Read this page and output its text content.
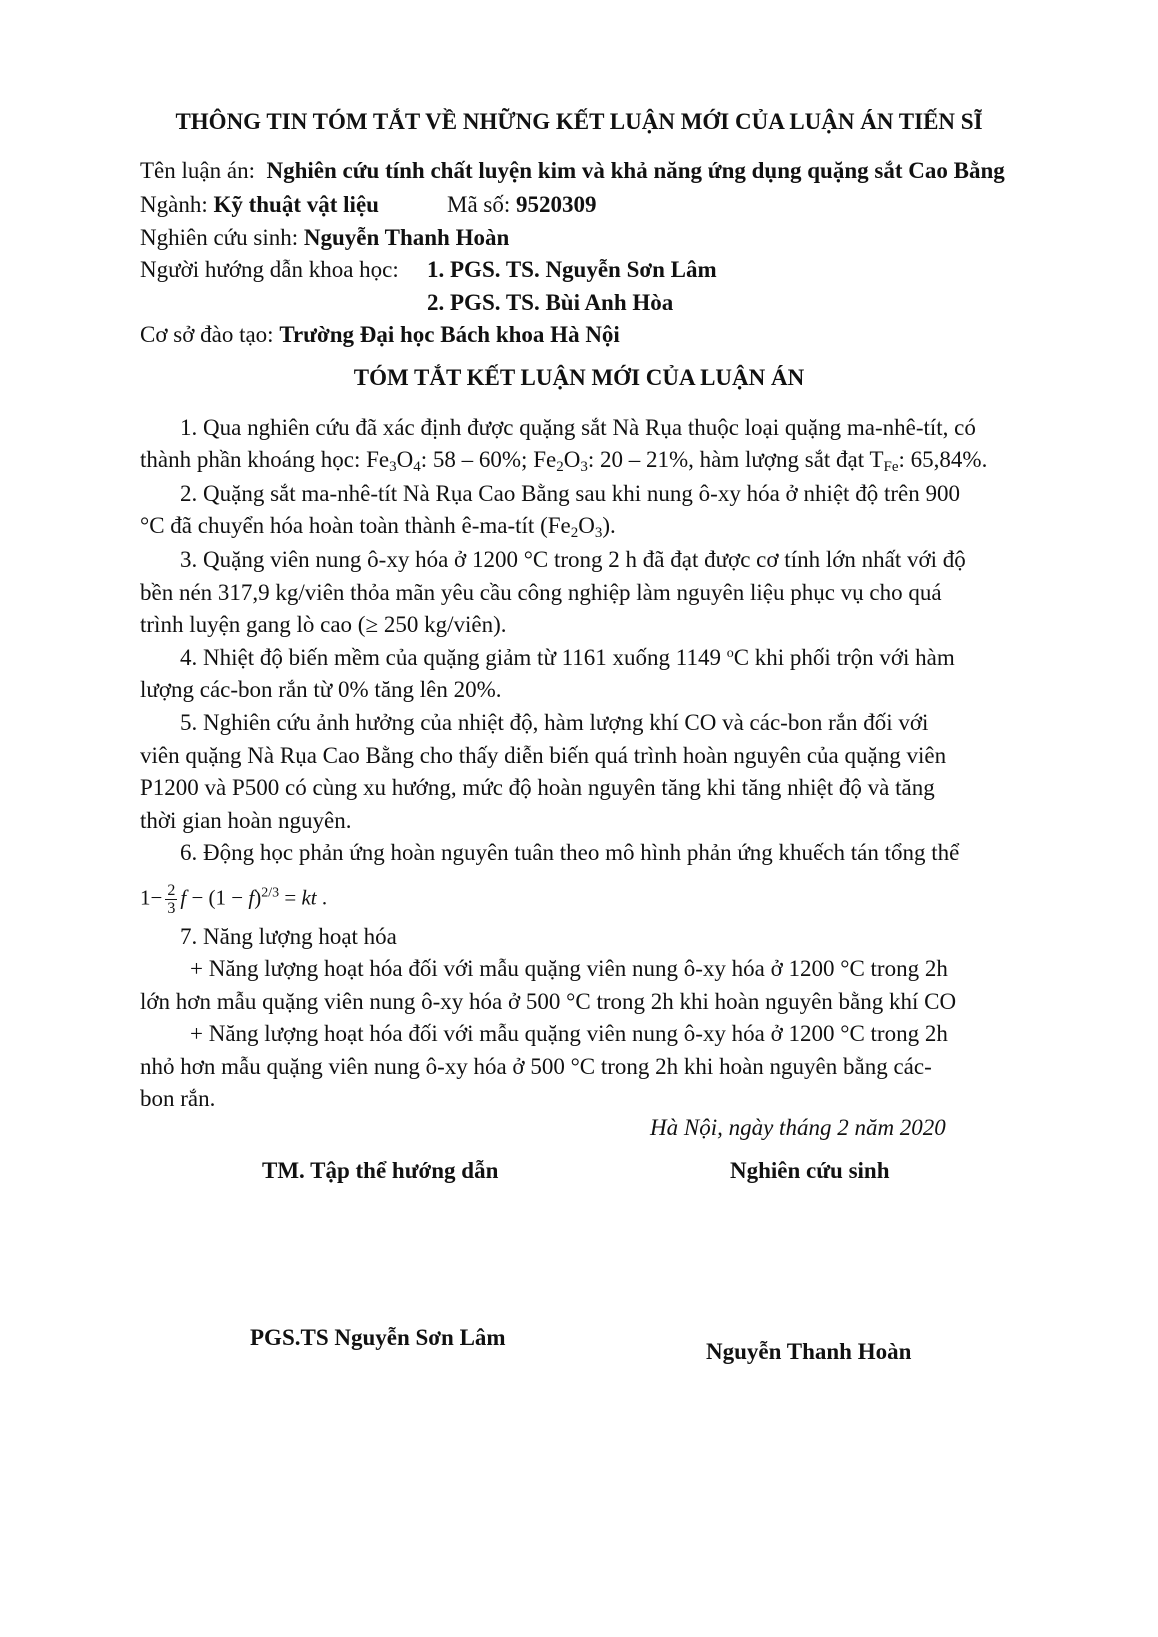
THÔNG TIN TÓM TẮT VỀ NHỮNG KẾT LUẬN MỚI CỦA LUẬN ÁN TIẾN SĨ
Tên luận án: Nghiên cứu tính chất luyện kim và khả năng ứng dụng quặng sắt Cao Bằng
Ngành: Kỹ thuật vật liệu	Mã số: 9520309
Nghiên cứu sinh: Nguyễn Thanh Hoàn
Người hướng dẫn khoa học: 1. PGS. TS. Nguyễn Sơn Lâm
2. PGS. TS. Bùi Anh Hòa
Cơ sở đào tạo: Trường Đại học Bách khoa Hà Nội
TÓM TẮT KẾT LUẬN MỚI CỦA LUẬN ÁN
1. Qua nghiên cứu đã xác định được quặng sắt Nà Rụa thuộc loại quặng ma-nhê-tít, có
thành phần khoáng học: $Fe_3O_4$: 58 – 60%; $Fe_2O_3$: 20 – 21%, hàm lượng sắt đạt $T_{Fe}$: 65,84%.
2. Quặng sắt ma-nhê-tít Nà Rụa Cao Bằng sau khi nung ô-xy hóa ở nhiệt độ trên 900
°C đã chuyển hóa hoàn toàn thành ê-ma-tít $(Fe_2O_3)$.
3. Quặng viên nung ô-xy hóa ở 1200 °C trong 2 h đã đạt được cơ tính lớn nhất với độ
bền nén 317,9 kg/viên thỏa mãn yêu cầu công nghiệp làm nguyên liệu phục vụ cho quá
trình luyện gang lò cao (≥ 250 kg/viên).
4. Nhiệt độ biến mềm của quặng giảm từ 1161 xuống 1149 $^o$C khi phối trộn với hàm
lượng các-bon rắn từ 0% tăng lên 20%.
5. Nghiên cứu ảnh hưởng của nhiệt độ, hàm lượng khí CO và các-bon rắn đối với
viên quặng Nà Rụa Cao Bằng cho thấy diễn biến quá trình hoàn nguyên của quặng viên
P1200 và P500 có cùng xu hướng, mức độ hoàn nguyên tăng khi tăng nhiệt độ và tăng
thời gian hoàn nguyên.
6. Động học phản ứng hoàn nguyên tuân theo mô hình phản ứng khuếch tán tổng thể
$1- \frac{2}{3}$ $f - (1 - f)^{2/3}$ = kt .
7. Năng lượng hoạt hóa
+ Năng lượng hoạt hóa đối với mẫu quặng viên nung ô-xy hóa ở 1200 °C trong 2h
lớn hơn mẫu quặng viên nung ô-xy hóa ở 500 °C trong 2h khi hoàn nguyên bằng khí CO
+ Năng lượng hoạt hóa đối với mẫu quặng viên nung ô-xy hóa ở 1200 °C trong 2h
nhỏ hơn mẫu quặng viên nung ô-xy hóa ở 500 °C trong 2h khi hoàn nguyên bằng các-
bon rắn.
Hà Nội, ngày tháng 2 năm 2020
TM. Tập thể hướng dẫn	Nghiên cứu sinh
PGS.TS Nguyễn Sơn Lâm
Nguyễn Thanh Hoàn
